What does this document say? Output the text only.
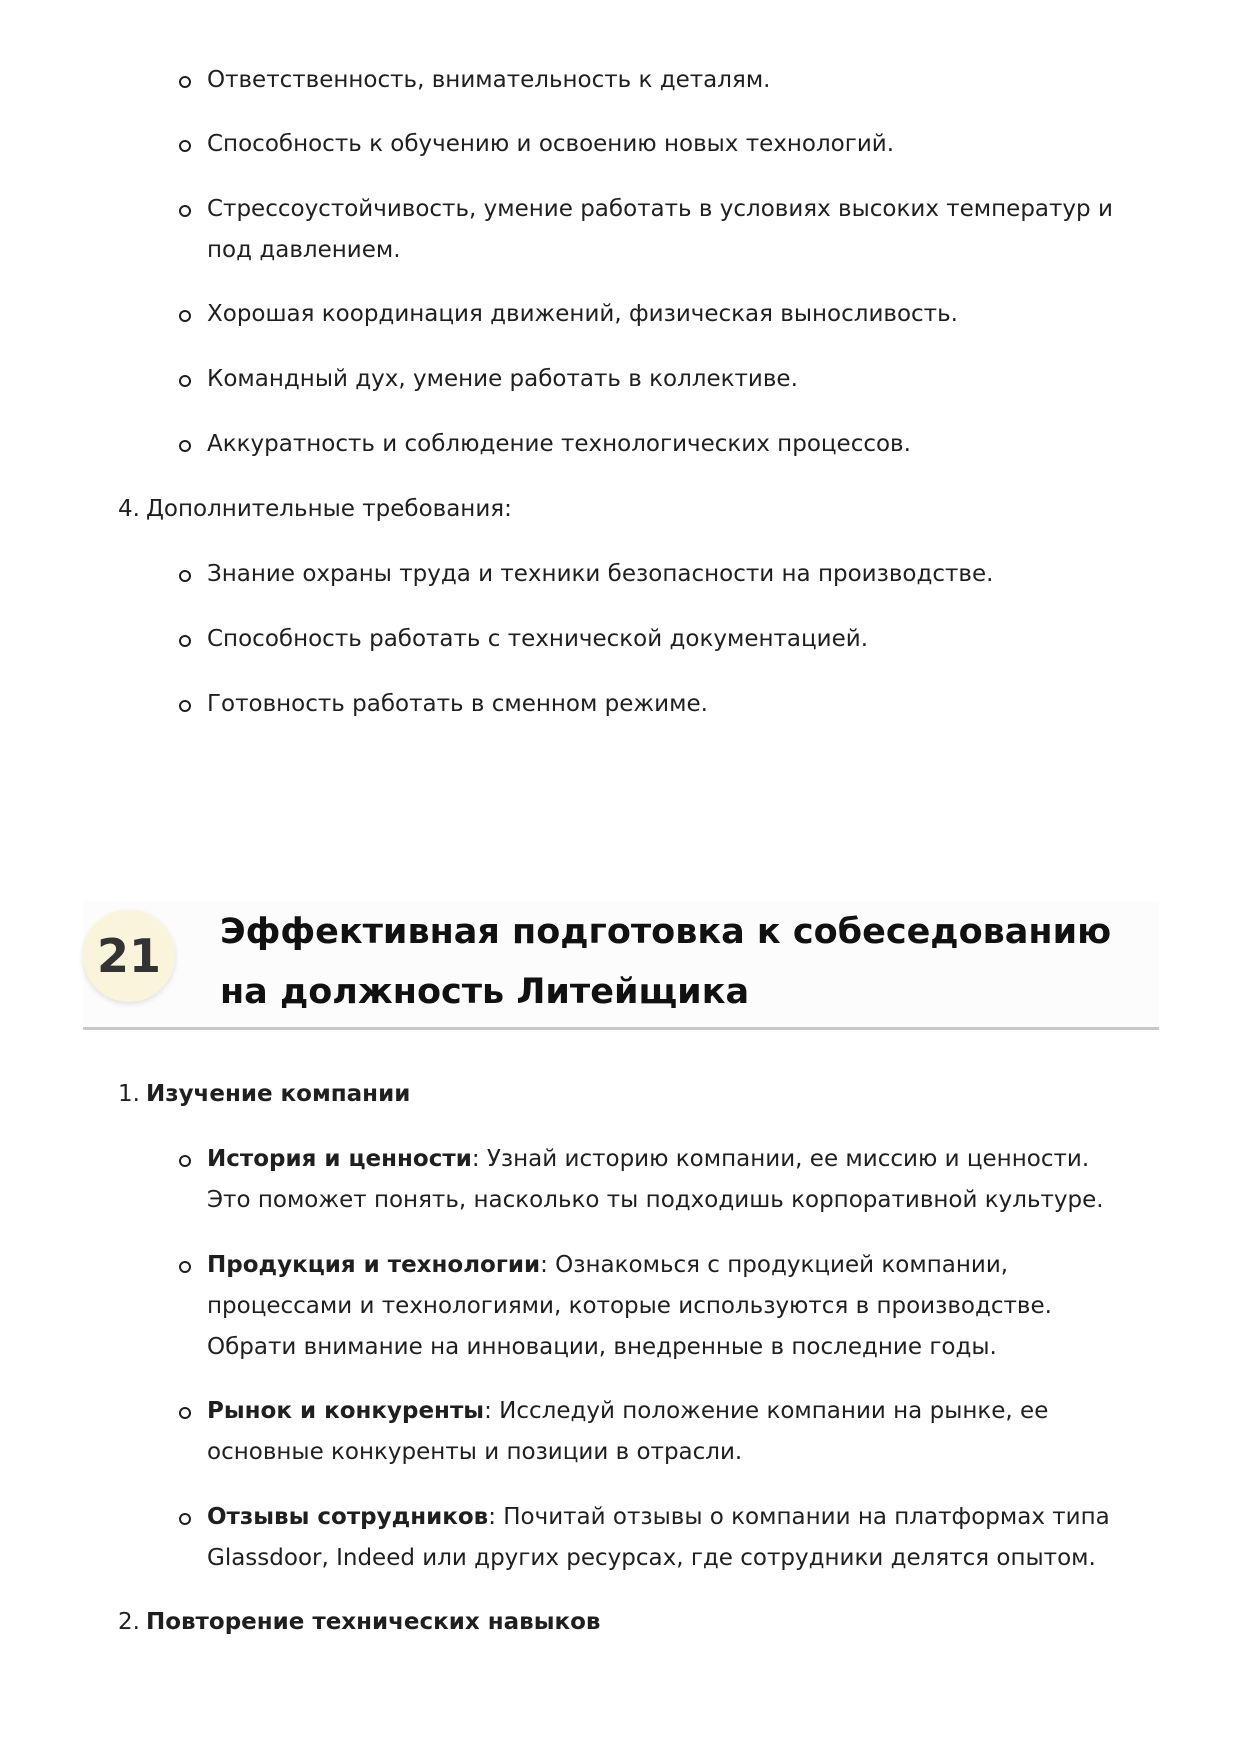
Ответственность, внимательность к деталям.
Способность к обучению и освоению новых технологий.
Стрессоустойчивость, умение работать в условиях высоких температур и под давлением.
Хорошая координация движений, физическая выносливость.
Командный дух, умение работать в коллективе.
Аккуратность и соблюдение технологических процессов.
4. Дополнительные требования:
Знание охраны труда и техники безопасности на производстве.
Способность работать с технической документацией.
Готовность работать в сменном режиме.
21	Эффективная подготовка к собеседованию на должность Литейщика
1. Изучение компании
История и ценности: Узнай историю компании, ее миссию и ценности. Это поможет понять, насколько ты подходишь корпоративной культуре.
Продукция и технологии: Ознакомься с продукцией компании, процессами и технологиями, которые используются в производстве. Обрати внимание на инновации, внедренные в последние годы.
Рынок и конкуренты: Исследуй положение компании на рынке, ее основные конкуренты и позиции в отрасли.
Отзывы сотрудников: Почитай отзывы о компании на платформах типа Glassdoor, Indeed или других ресурсах, где сотрудники делятся опытом.
2. Повторение технических навыков
